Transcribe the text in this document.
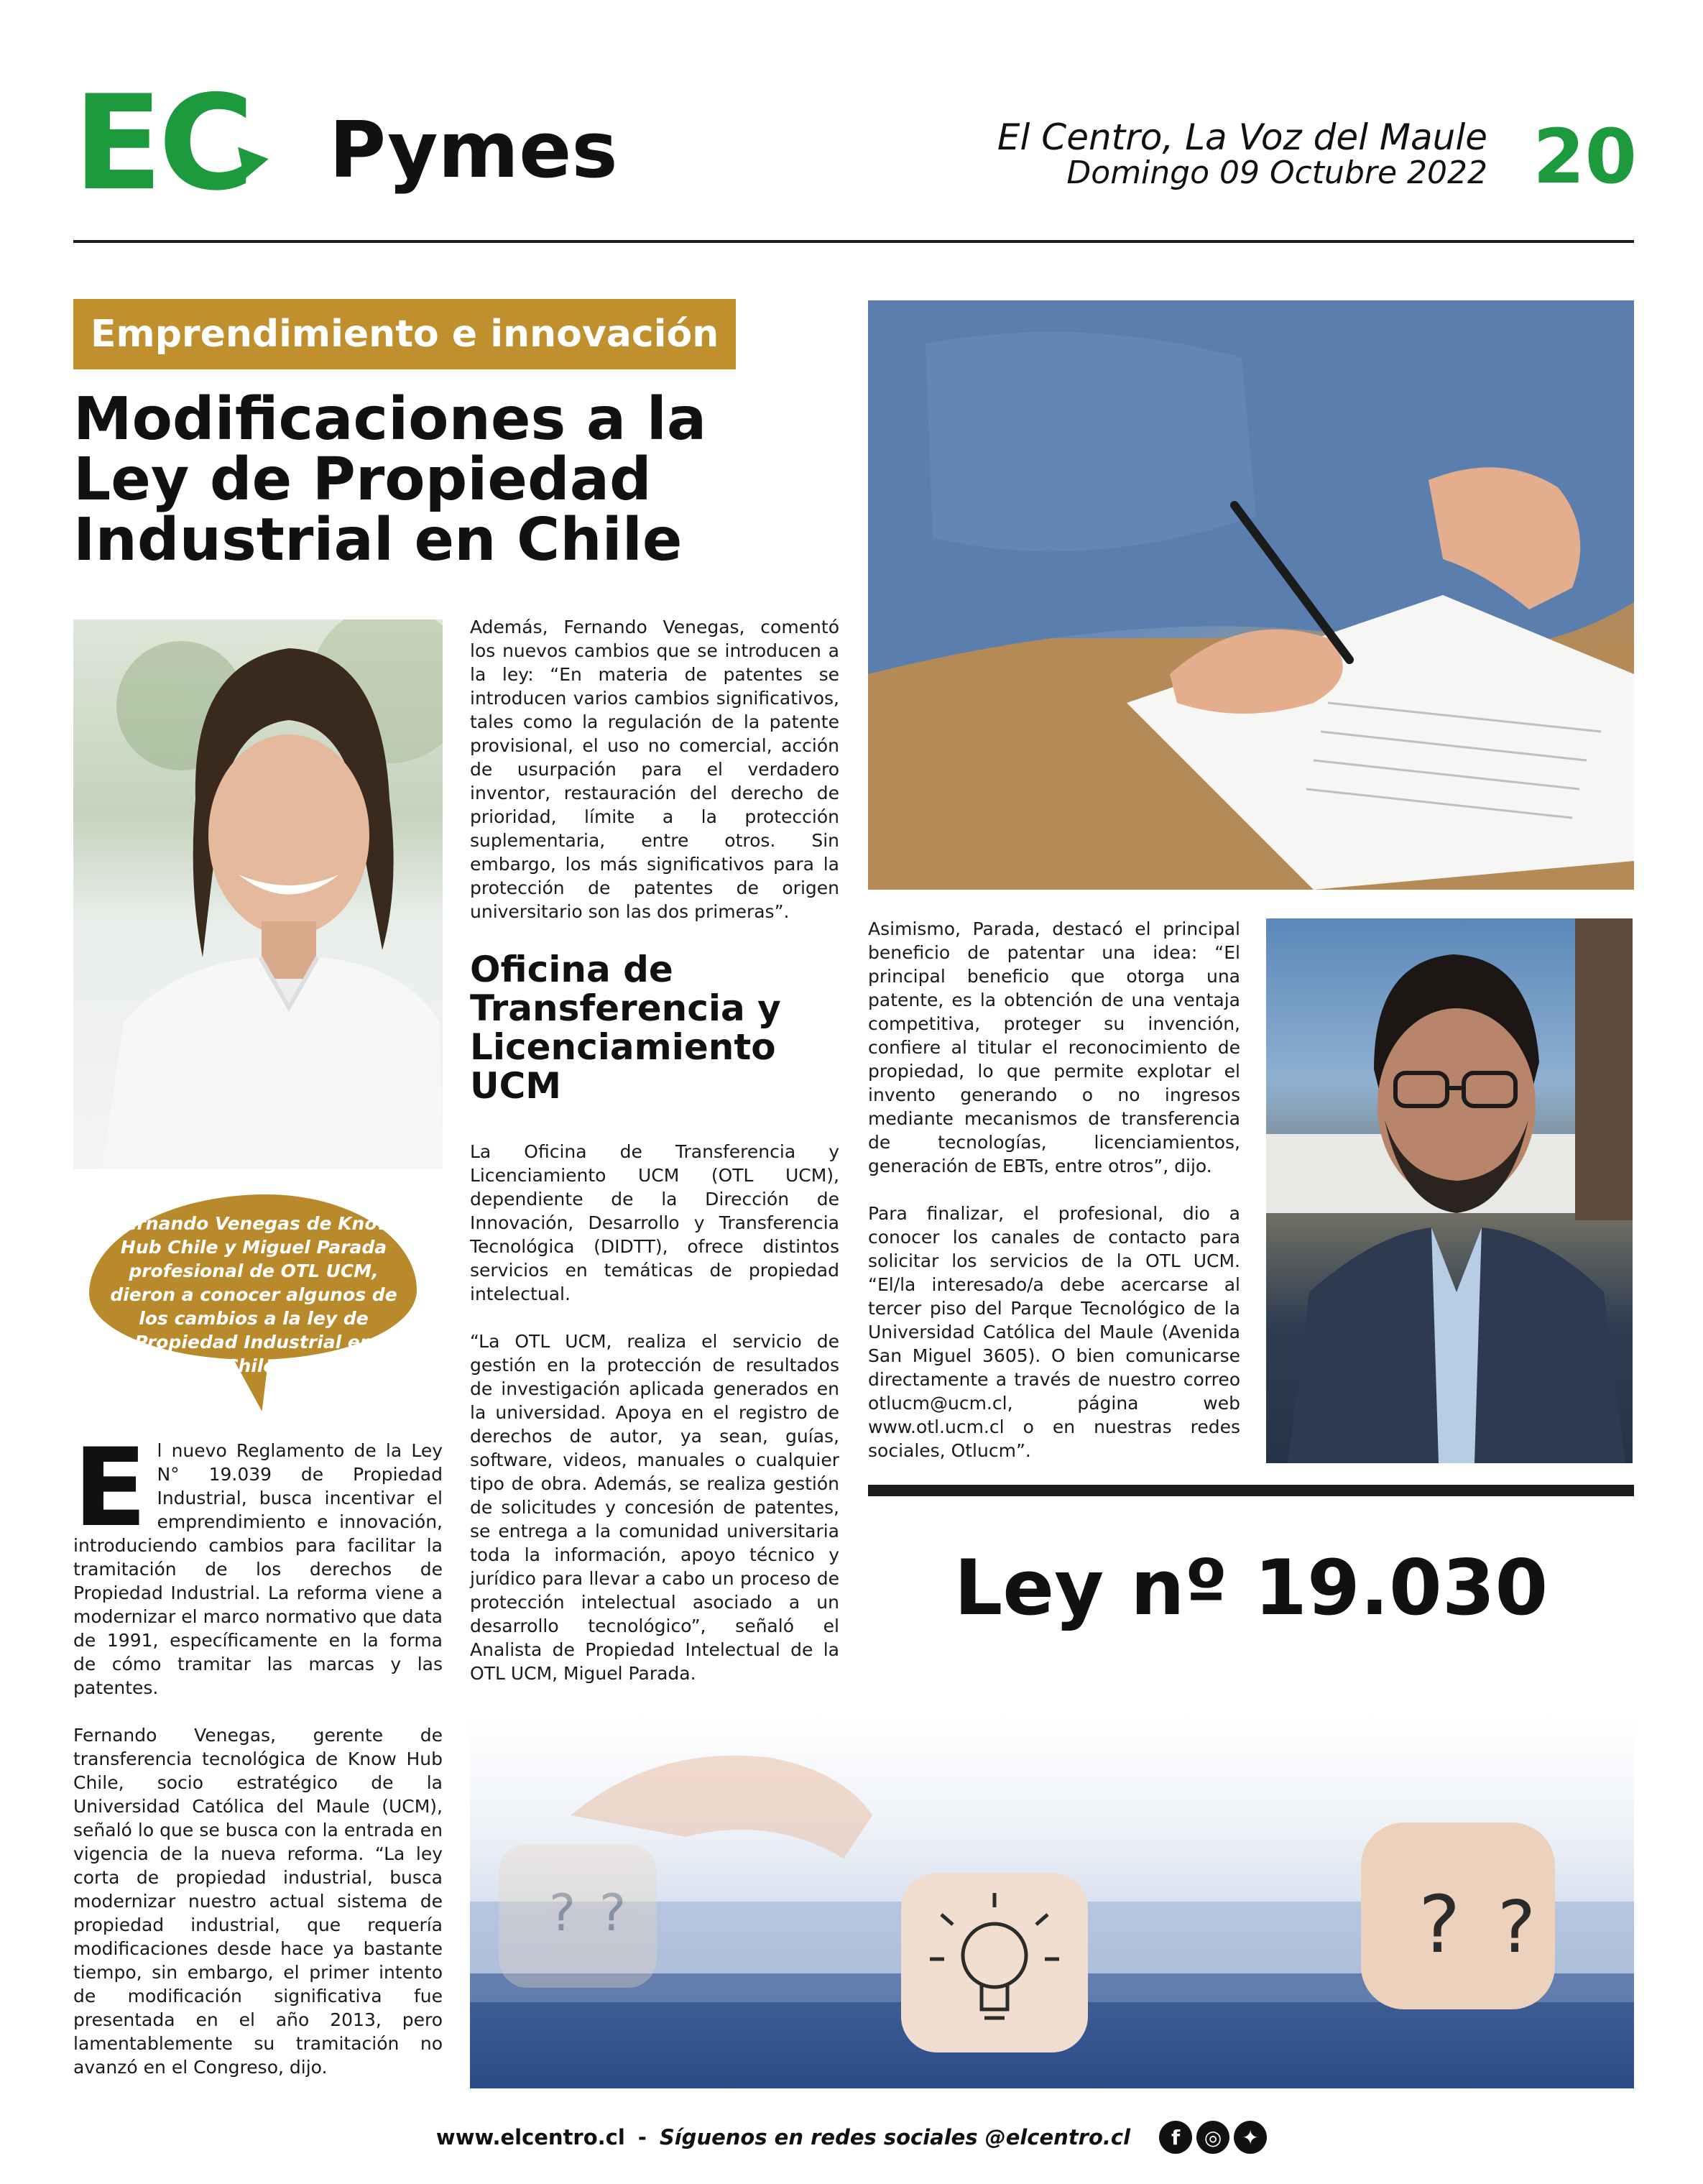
E C Pymes	El Centro, La Voz del Maule
Domingo 09 Octubre 2022 20
Emprendimiento e innovación
Modificaciones a la Ley de Propiedad Industrial en Chile
Fernando Venegas de Know Hub Chile y Miguel Parada profesional de OTL UCM, dieron a conocer algunos de los cambios a la ley de Propiedad Industrial en Chile.

El nuevo Reglamento de la Ley N° 19.039 de Propiedad Industrial, busca incentivar el emprendimiento e innovación, introduciendo cambios para facilitar la tramitación de los derechos de Propiedad Industrial. La reforma viene a modernizar el marco normativo que data de 1991, específicamente en la forma de cómo tramitar las marcas y las patentes.

Fernando Venegas, gerente de transferencia tecnológica de Know Hub Chile, socio estratégico de la Universidad Católica del Maule (UCM), señaló lo que se busca con la entrada en vigencia de la nueva reforma. “La ley corta de propiedad industrial, busca modernizar nuestro actual sistema de propiedad industrial, que requería modificaciones desde hace ya bastante tiempo, sin embargo, el primer intento de modificación significativa fue presentada en el año 2013, pero lamentablemente su tramitación no avanzó en el Congreso, dijo.

Además, Fernando Venegas, comentó los nuevos cambios que se introducen a la ley: “En materia de patentes se introducen varios cambios significativos, tales como la regulación de la patente provisional, el uso no comercial, acción de usurpación para el verdadero inventor, restauración del derecho de prioridad, límite a la protección suplementaria, entre otros. Sin embargo, los más significativos para la protección de patentes de origen universitario son las dos primeras”.

Oficina de Transferencia y Licenciamiento UCM

La Oficina de Transferencia y Licenciamiento UCM (OTL UCM), dependiente de la Dirección de Innovación, Desarrollo y Transferencia Tecnológica (DIDTT), ofrece distintos servicios en temáticas de propiedad intelectual.

“La OTL UCM, realiza el servicio de gestión en la protección de resultados de investigación aplicada generados en la universidad. Apoya en el registro de derechos de autor, ya sean, guías, software, videos, manuales o cualquier tipo de obra. Además, se realiza gestión de solicitudes y concesión de patentes, se entrega a la comunidad universitaria toda la información, apoyo técnico y jurídico para llevar a cabo un proceso de protección intelectual asociado a un desarrollo tecnológico”, señaló el Analista de Propiedad Intelectual de la OTL UCM, Miguel Parada.

Asimismo, Parada, destacó el principal beneficio de patentar una idea: “El principal beneficio que otorga una patente, es la obtención de una ventaja competitiva, proteger su invención, confiere al titular el reconocimiento de propiedad, lo que permite explotar el invento generando o no ingresos mediante mecanismos de transferencia de tecnologías, licenciamientos, generación de EBTs, entre otros”, dijo.

Para finalizar, el profesional, dio a conocer los canales de contacto para solicitar los servicios de la OTL UCM. “El/la interesado/a debe acercarse al tercer piso del Parque Tecnológico de la Universidad Católica del Maule (Avenida San Miguel 3605). O bien comunicarse directamente a través de nuestro correo otlucm@ucm.cl, página web www.otl.ucm.cl o en nuestras redes sociales, Otlucm”.

Ley nº 19.030
? ?	? ?
www.elcentro.cl - Síguenos en redes sociales @elcentro.cl	f	◎	✦
